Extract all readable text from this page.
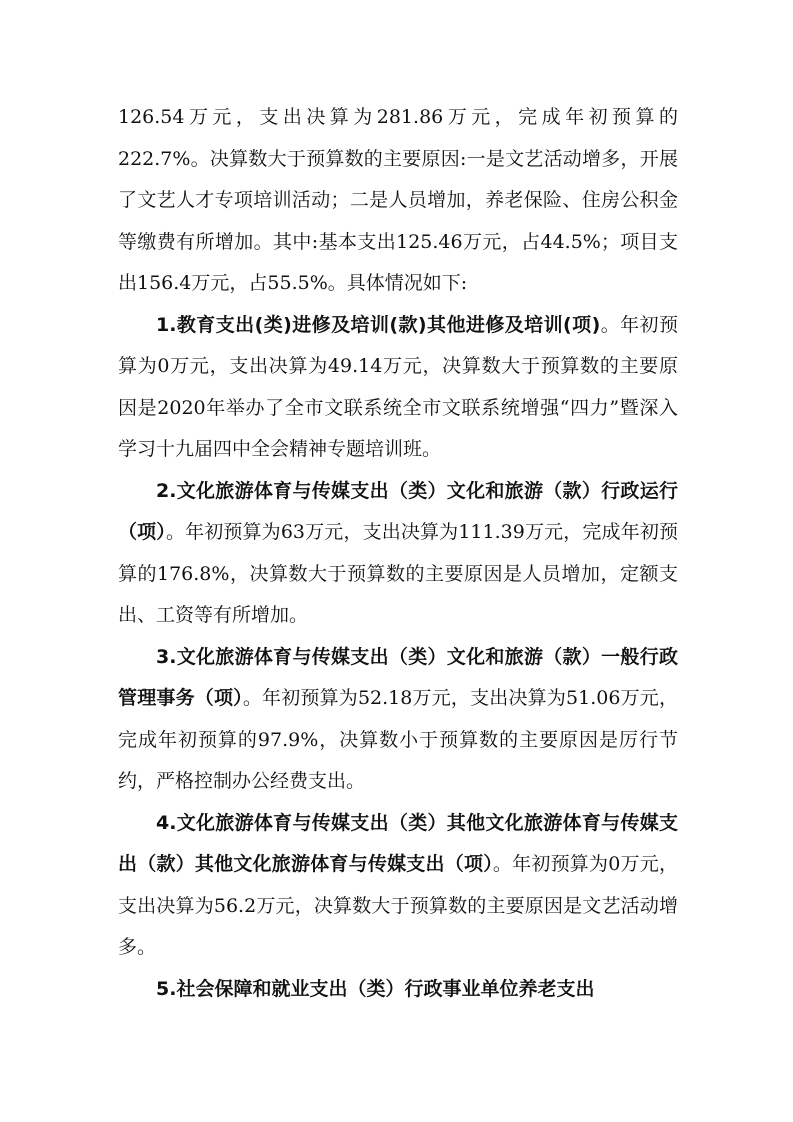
126.54万元，支出决算为281.86万元，完成年初预算的222.7%。决算数大于预算数的主要原因:一是文艺活动增多，开展了文艺人才专项培训活动；二是人员增加，养老保险、住房公积金等缴费有所增加。其中:基本支出125.46万元，占44.5%；项目支出156.4万元，占55.5%。具体情况如下:

1.教育支出(类)进修及培训(款)其他进修及培训(项)。年初预算为0万元，支出决算为49.14万元，决算数大于预算数的主要原因是2020年举办了全市文联系统全市文联系统增强“四力”暨深入学习十九届四中全会精神专题培训班。

2.文化旅游体育与传媒支出（类）文化和旅游（款）行政运行（项）。年初预算为63万元，支出决算为111.39万元，完成年初预算的176.8%，决算数大于预算数的主要原因是人员增加，定额支出、工资等有所增加。

3.文化旅游体育与传媒支出（类）文化和旅游（款）一般行政管理事务（项）。年初预算为52.18万元，支出决算为51.06万元，完成年初预算的97.9%，决算数小于预算数的主要原因是厉行节约，严格控制办公经费支出。

4.文化旅游体育与传媒支出（类）其他文化旅游体育与传媒支出（款）其他文化旅游体育与传媒支出（项）。年初预算为0万元，支出决算为56.2万元，决算数大于预算数的主要原因是文艺活动增多。

5.社会保障和就业支出（类）行政事业单位养老支出
